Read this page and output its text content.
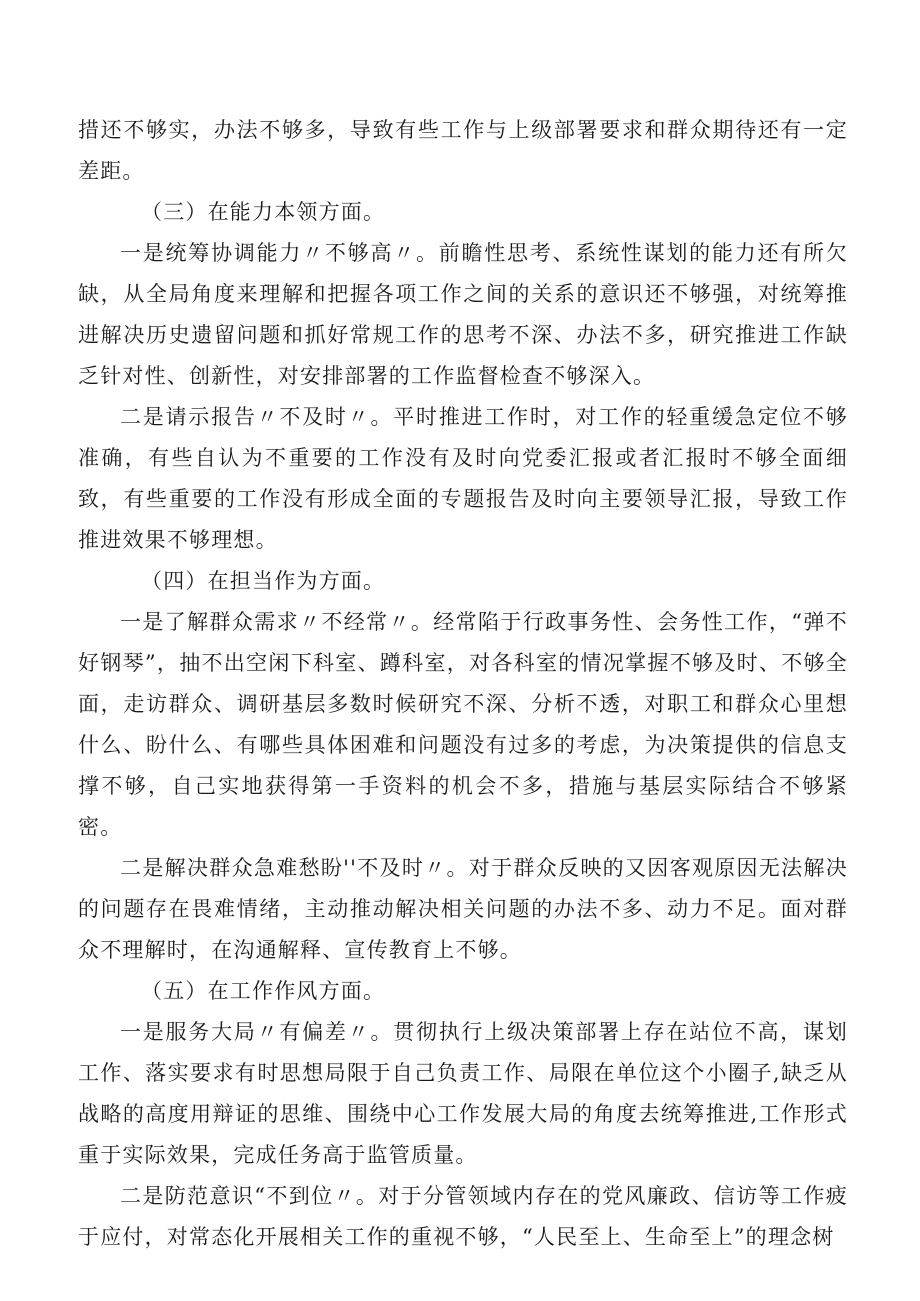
措还不够实，办法不够多，导致有些工作与上级部署要求和群众期待还有一定差距。

（三）在能力本领方面。

一是统筹协调能力〃不够高〃。前瞻性思考、系统性谋划的能力还有所欠缺，从全局角度来理解和把握各项工作之间的关系的意识还不够强，对统筹推进解决历史遗留问题和抓好常规工作的思考不深、办法不多，研究推进工作缺乏针对性、创新性，对安排部署的工作监督检查不够深入。

二是请示报告〃不及时〃。平时推进工作时，对工作的轻重缓急定位不够准确，有些自认为不重要的工作没有及时向党委汇报或者汇报时不够全面细致，有些重要的工作没有形成全面的专题报告及时向主要领导汇报，导致工作推进效果不够理想。

（四）在担当作为方面。

一是了解群众需求〃不经常〃。经常陷于行政事务性、会务性工作，“弹不好钢琴”，抽不出空闲下科室、蹲科室，对各科室的情况掌握不够及时、不够全面，走访群众、调研基层多数时候研究不深、分析不透，对职工和群众心里想什么、盼什么、有哪些具体困难和问题没有过多的考虑，为决策提供的信息支撑不够，自己实地获得第一手资料的机会不多，措施与基层实际结合不够紧密。

二是解决群众急难愁盼''不及时〃。对于群众反映的又因客观原因无法解决的问题存在畏难情绪，主动推动解决相关问题的办法不多、动力不足。面对群众不理解时，在沟通解释、宣传教育上不够。

（五）在工作作风方面。

一是服务大局〃有偏差〃。贯彻执行上级决策部署上存在站位不高，谋划工作、落实要求有时思想局限于自己负责工作、局限在单位这个小圈子,缺乏从战略的高度用辩证的思维、围绕中心工作发展大局的角度去统筹推进,工作形式重于实际效果，完成任务高于监管质量。

二是防范意识“不到位〃。对于分管领域内存在的党风廉政、信访等工作疲于应付，对常态化开展相关工作的重视不够，“人民至上、生命至上”的理念树
